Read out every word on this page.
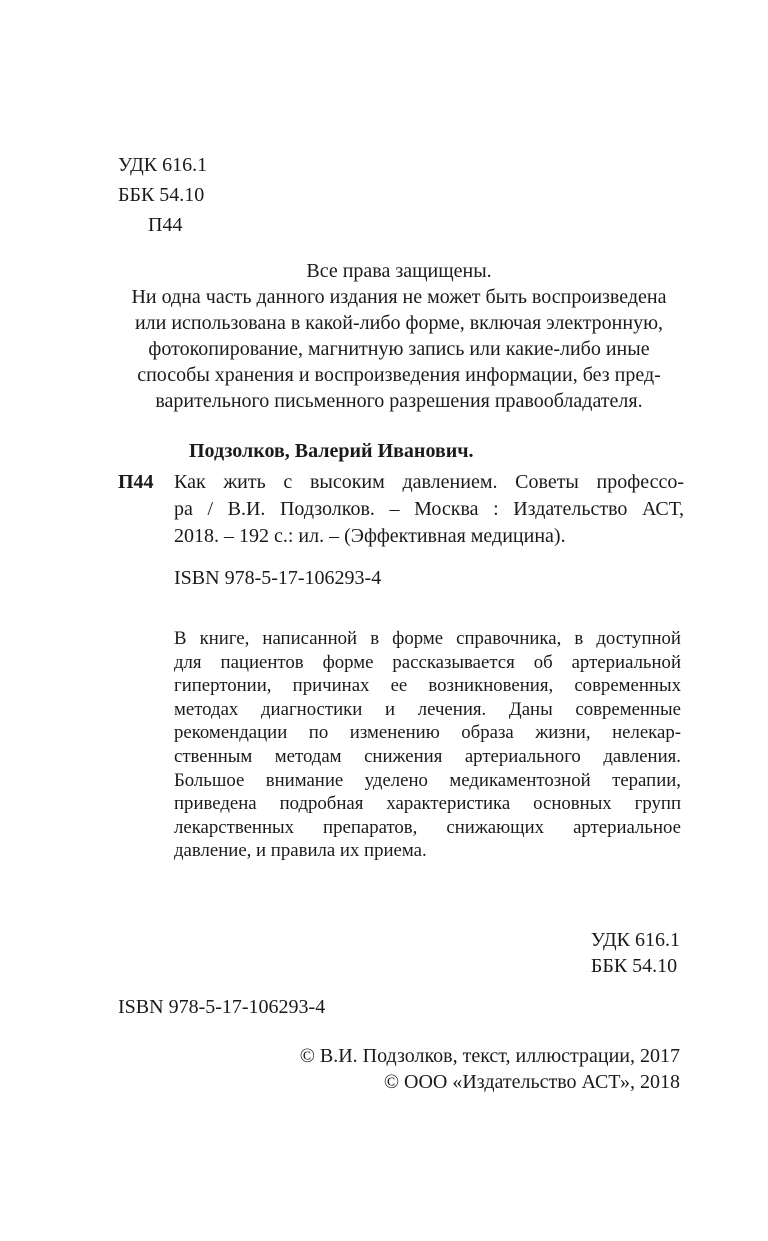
УДК 616.1
ББК 54.10
П44
Все права защищены.
Ни одна часть данного издания не может быть воспроизведена
или использована в какой-либо форме, включая электронную,
фотокопирование, магнитную запись или какие-либо иные
способы хранения и воспроизведения информации, без пред-
варительного письменного разрешения правообладателя.
Подзолков, Валерий Иванович.
П44 Как жить с высоким давлением. Советы профессо-
ра / В.И. Подзолков. – Москва : Издательство АСТ,
2018. – 192 с.: ил. – (Эффективная медицина).
ISBN 978-5-17-106293-4
В книге, написанной в форме справочника, в доступной
для пациентов форме рассказывается об артериальной
гипертонии, причинах ее возникновения, современных
методах диагностики и лечения. Даны современные
рекомендации по изменению образа жизни, нелекар-
ственным методам снижения артериального давления.
Большое внимание уделено медикаментозной терапии,
приведена подробная характеристика основных групп
лекарственных препаратов, снижающих артериальное
давление, и правила их приема.
УДК 616.1
ББК 54.10
ISBN 978-5-17-106293-4
© В.И. Подзолков, текст, иллюстрации, 2017
© ООО «Издательство АСТ», 2018
